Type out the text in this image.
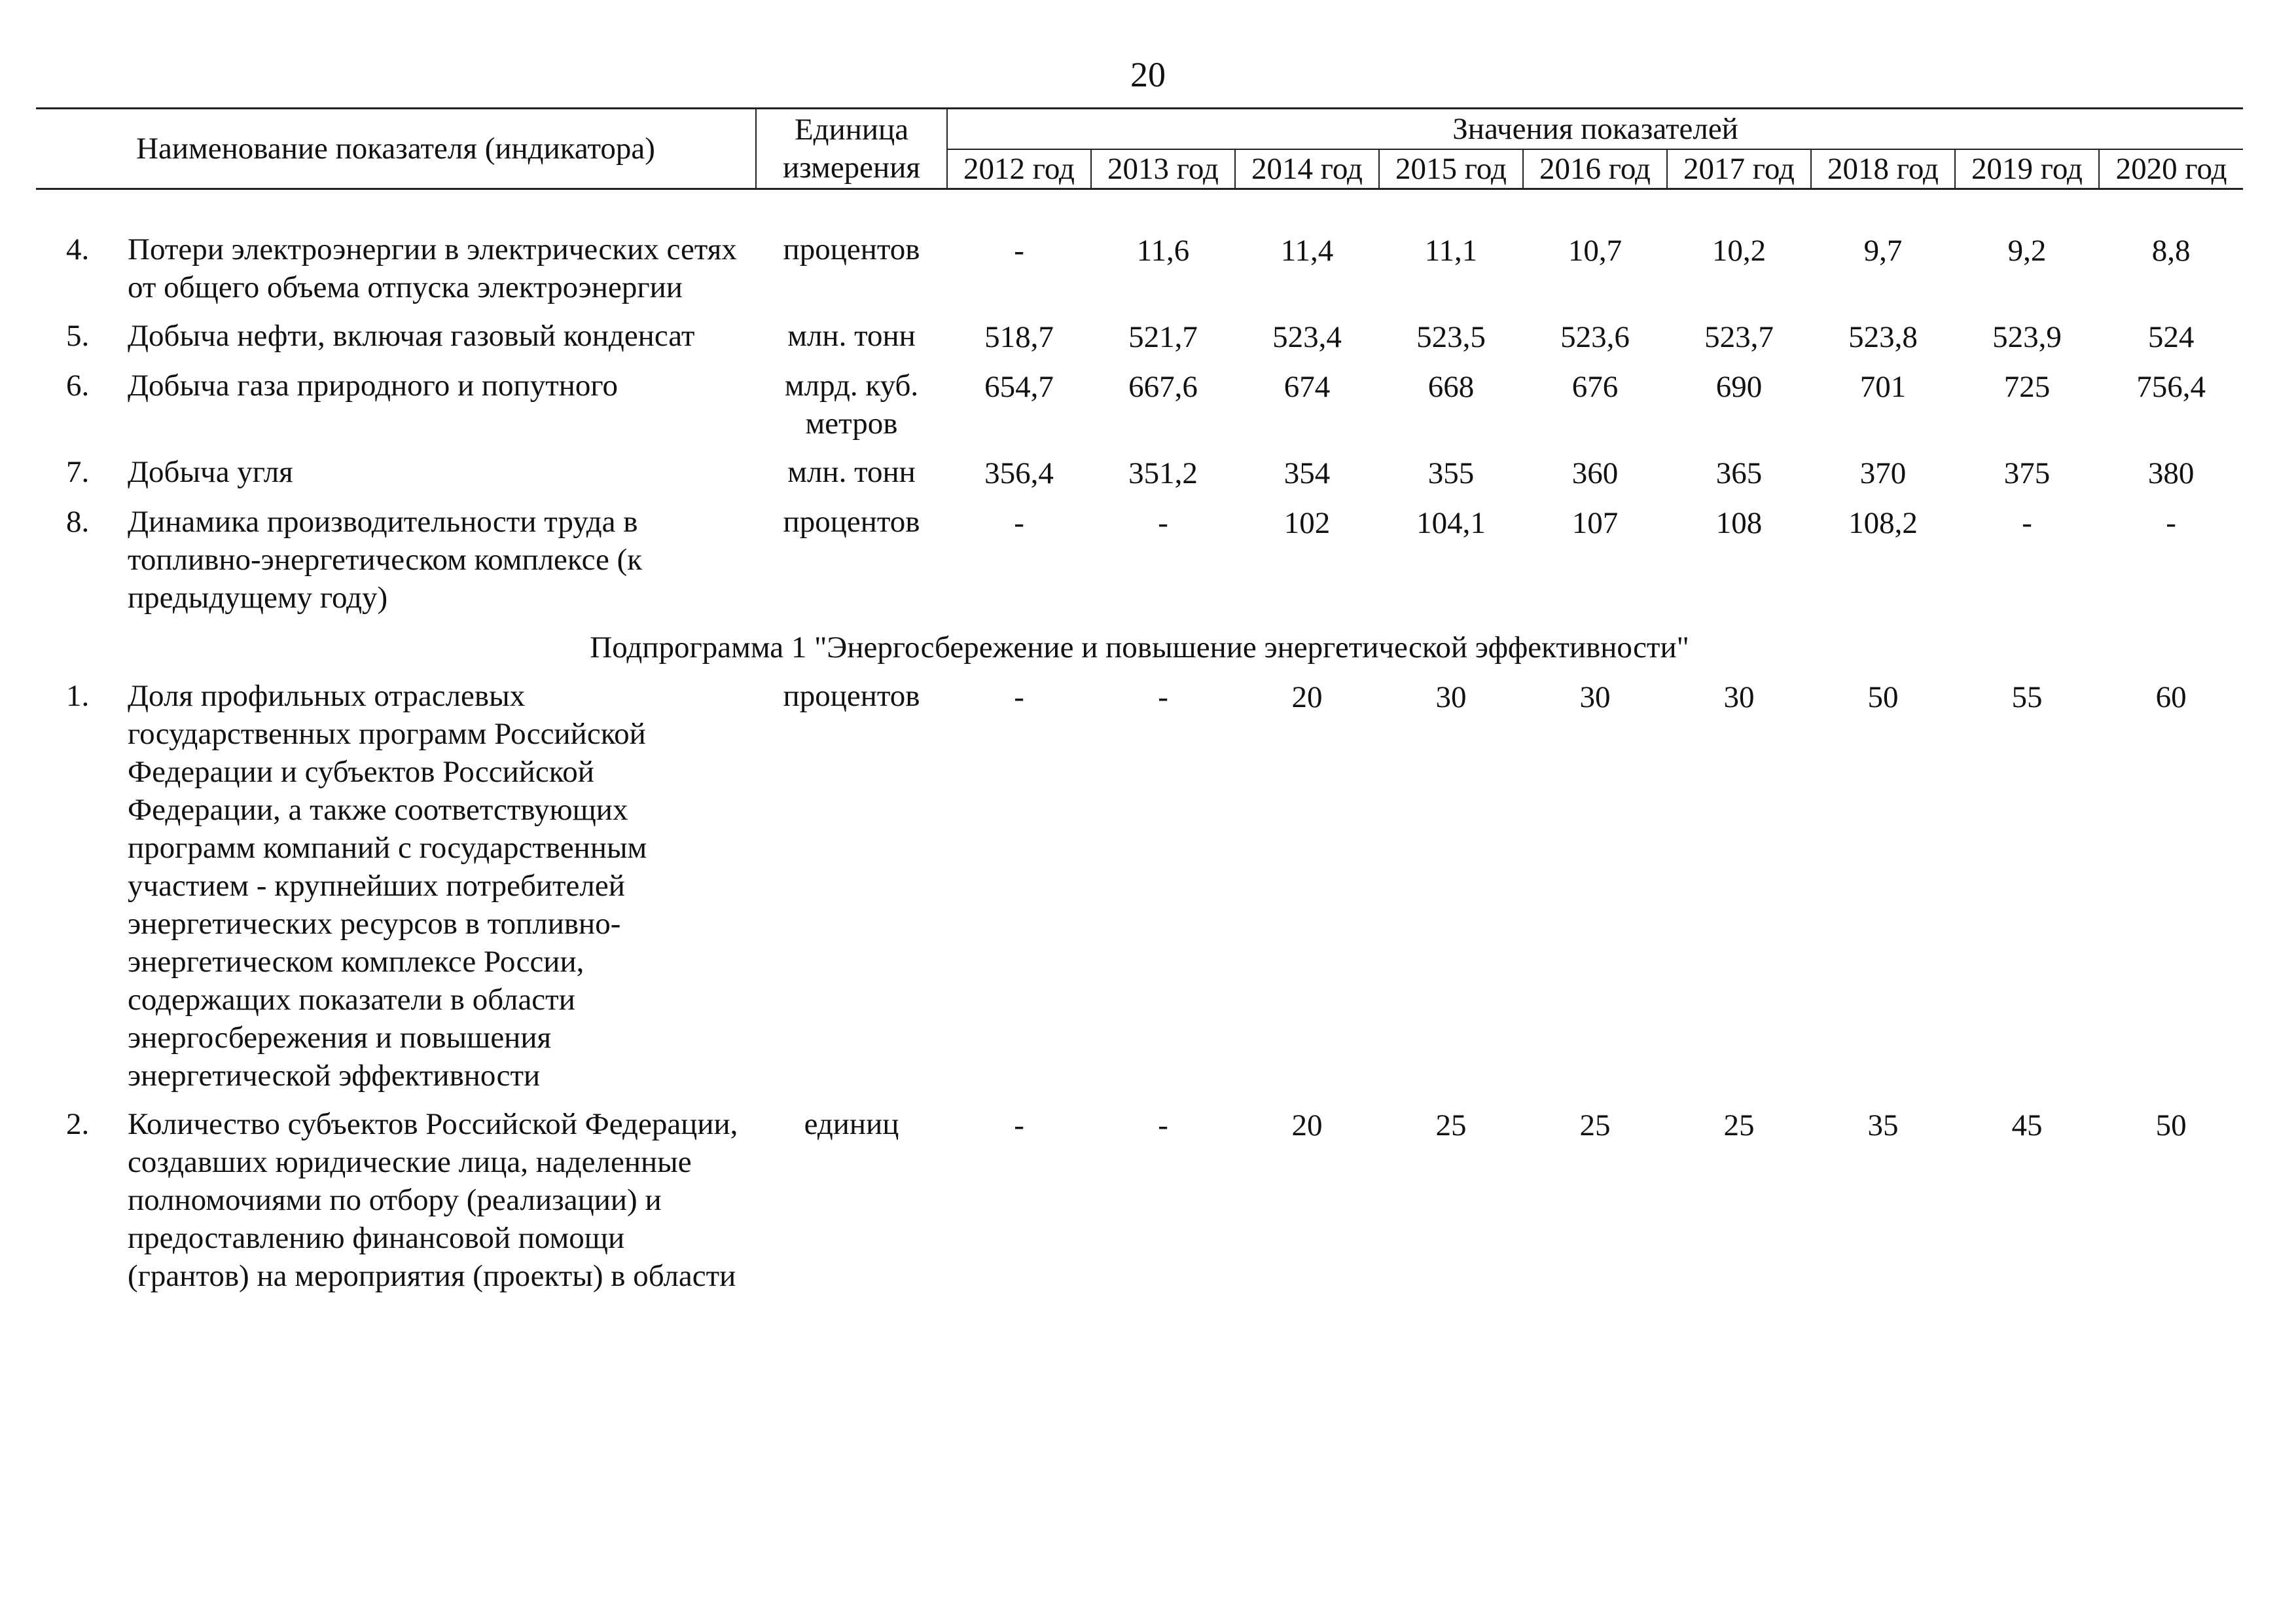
20
Наименование показателя (индикатора)		Единица измерения	Значения показателей								
			2012 год	2013 год	2014 год	2015 год	2016 год	2017 год	2018 год	2019 год	2020 год

4.	Потери электроэнергии в электрических сетях от общего объема отпуска электроэнергии	процентов	-	11,6	11,4	11,1	10,7	10,2	9,7	9,2	8,8
5.	Добыча нефти, включая газовый конденсат	млн. тонн	518,7	521,7	523,4	523,5	523,6	523,7	523,8	523,9	524
6.	Добыча газа природного и попутного	млрд. куб. метров	654,7	667,6	674	668	676	690	701	725	756,4
7.	Добыча угля	млн. тонн	356,4	351,2	354	355	360	365	370	375	380
8.	Динамика производительности труда в топливно-энергетическом комплексе (к предыдущему году)	процентов	-	-	102	104,1	107	108	108,2	-	-
Подпрограмма 1 "Энергосбережение и повышение энергетической эффективности"											
1.	Доля профильных отраслевых государственных программ Российской Федерации и субъектов Российской Федерации, а также соответствующих программ компаний с государственным участием - крупнейших потребителей энергетических ресурсов в топливно-энергетическом комплексе России, содержащих показатели в области энергосбережения и повышения энергетической эффективности	процентов	-	-	20	30	30	30	50	55	60
2.	Количество субъектов Российской Федерации, создавших юридические лица, наделенные полномочиями по отбору (реализации) и предоставлению финансовой помощи (грантов) на мероприятия (проекты) в области	единиц	-	-	20	25	25	25	35	45	50
